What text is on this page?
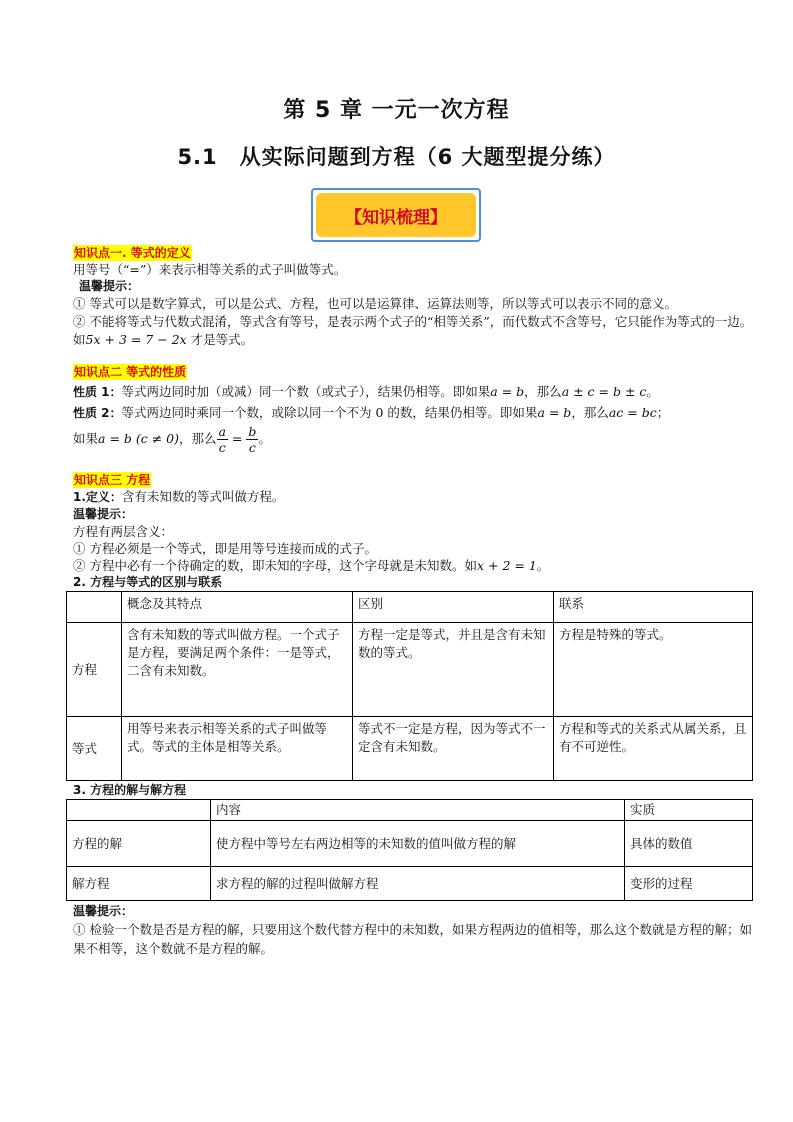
第 5 章 一元一次方程
5.1　从实际问题到方程（6 大题型提分练）
【知识梳理】
知识点一. 等式的定义

用等号（“=”）来表示相等关系的式子叫做等式。

温馨提示：

① 等式可以是数字算式，可以是公式、方程，也可以是运算律、运算法则等，所以等式可以表示不同的意义。

② 不能将等式与代数式混淆，等式含有等号，是表示两个式子的“相等关系”，而代数式不含等号，它只能作为等式的一边。如5x + 3 = 7 − 2x 才是等式。

知识点二 等式的性质

性质 1：等式两边同时加（或减）同一个数（或式子），结果仍相等。即如果a = b，那么a ± c = b ± c。

性质 2：等式两边同时乘同一个数，或除以同一个不为 0 的数，结果仍相等。即如果a = b，那么ac = bc；

如果a = b (c ≠ 0)，那么 $\frac{a}{c} = \frac{b}{c}$ 。

知识点三 方程

1.定义：含有未知数的等式叫做方程。

温馨提示：

方程有两层含义：

① 方程必须是一个等式，即是用等号连接而成的式子。

② 方程中必有一个待确定的数，即未知的字母，这个字母就是未知数。如x + 2 = 1。

2. 方程与等式的区别与联系

	概念及其特点	区别	联系
方程	含有未知数的等式叫做方程。一个式子是方程，要满足两个条件：一是等式，二含有未知数。	方程一定是等式，并且是含有未知数的等式。	方程是特殊的等式。
等式	用等号来表示相等关系的式子叫做等式。等式的主体是相等关系。	等式不一定是方程，因为等式不一定含有未知数。	方程和等式的关系式从属关系，且有不可逆性。

3. 方程的解与解方程

	内容	实质
方程的解	使方程中等号左右两边相等的未知数的值叫做方程的解	具体的数值
解方程	求方程的解的过程叫做解方程	变形的过程

温馨提示：

① 检验一个数是否是方程的解，只要用这个数代替方程中的未知数，如果方程两边的值相等，那么这个数就是方程的解；如果不相等，这个数就不是方程的解。
